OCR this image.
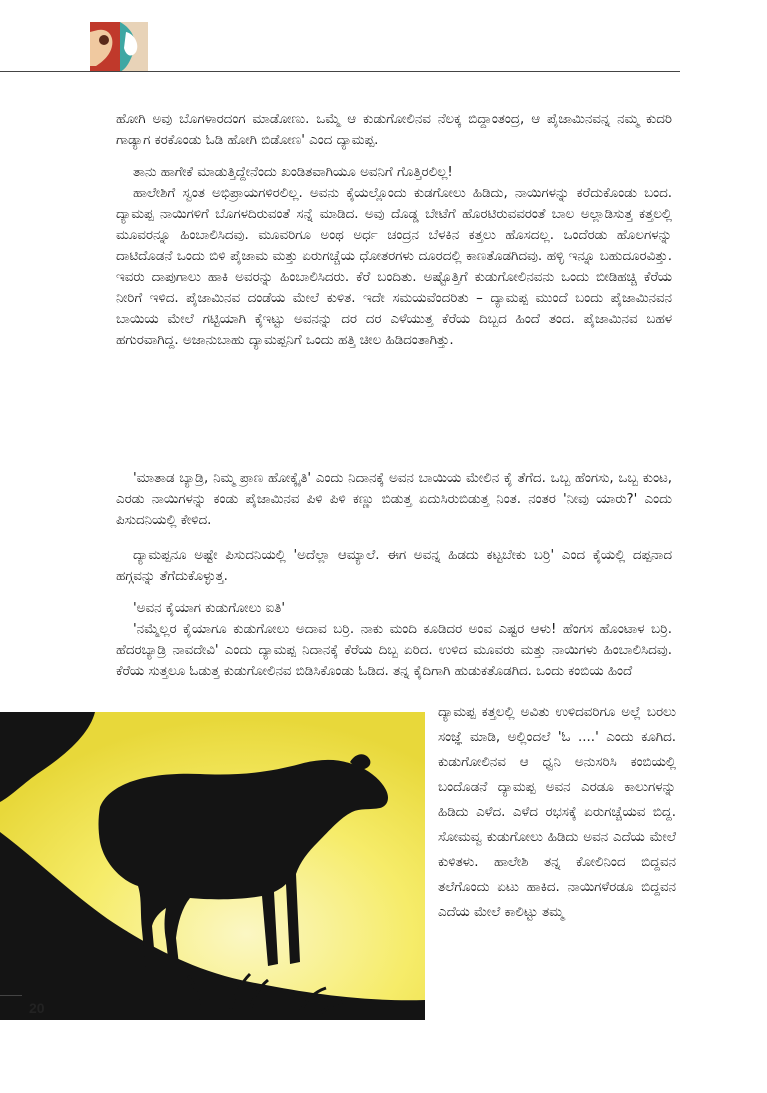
ಹೋಗಿ ಅವು ಬೊಗಳಾರದಂಗ ಮಾಡೋಣು. ಒಮ್ಮೆ ಆ ಕುಡುಗೋಲಿನವ ನೆಲಕ್ಕ ಬಿದ್ದಾಂತಂದ್ರ, ಆ ಪೈಜಾಮಿನವನ್ನ ನಮ್ಮ ಕುದರಿ ಗಾಡ್ಯಾಗ ಕರಕೊಂಡು ಓಡಿ ಹೋಗಿ ಬಿಡೋಣ' ಎಂದ ದ್ಯಾಮಪ್ಪ.

ತಾನು ಹಾಗೇಕೆ ಮಾಡುತ್ತಿದ್ದೇನೆಂದು ಖಂಡಿತವಾಗಿಯೂ ಅವನಿಗೆ ಗೊತ್ತಿರಲಿಲ್ಲ!

ಹಾಲೇಶಿಗೆ ಸ್ವಂತ ಅಭಿಪ್ರಾಯಗಳಿರಲಿಲ್ಲ. ಅವನು ಕೈಯಲ್ಲೊಂದು ಕುಡಗೋಲು ಹಿಡಿದು, ನಾಯಿಗಳನ್ನು ಕರೆದುಕೊಂಡು ಬಂದ. ದ್ಯಾಮಪ್ಪ ನಾಯಿಗಳಿಗೆ ಬೊಗಳದಿರುವಂತೆ ಸನ್ನೆ ಮಾಡಿದ. ಅವು ದೊಡ್ಡ ಬೇಟೆಗೆ ಹೊರಟಿರುವವರಂತೆ ಬಾಲ ಅಲ್ಲಾಡಿಸುತ್ತ ಕತ್ತಲಲ್ಲಿ ಮೂವರನ್ನೂ ಹಿಂಬಾಲಿಸಿದವು. ಮೂವರಿಗೂ ಅಂಥ ಅರ್ಧ ಚಂದ್ರನ ಬೆಳಕಿನ ಕತ್ತಲು ಹೊಸದಲ್ಲ. ಒಂದೆರಡು ಹೊಲಗಳನ್ನು ದಾಟಿದೊಡನೆ ಒಂದು ಬಿಳಿ ಪೈಜಾಮ ಮತ್ತು ಏರುಗಚ್ಚೆಯ ಧೋತರಗಳು ದೂರದಲ್ಲಿ ಕಾಣತೊಡಗಿದವು. ಹಳ್ಳಿ ಇನ್ನೂ ಬಹುದೂರವಿತ್ತು. ಇವರು ದಾಪುಗಾಲು ಹಾಕಿ ಅವರನ್ನು ಹಿಂಬಾಲಿಸಿದರು. ಕೆರೆ ಬಂದಿತು. ಅಷ್ಟೊತ್ತಿಗೆ ಕುಡುಗೋಲಿನವನು ಒಂದು ಬೀಡಿಹಚ್ಚಿ ಕೆರೆಯ ನೀರಿಗೆ ಇಳಿದ. ಪೈಜಾಮಿನವ ದಂಡೆಯ ಮೇಲೆ ಕುಳಿತ. ಇದೇ ಸಮಯವೆಂದರಿತು – ದ್ಯಾಮಪ್ಪ ಮುಂದೆ ಬಂದು ಪೈಜಾಮಿನವನ ಬಾಯಿಯ ಮೇಲೆ ಗಟ್ಟಿಯಾಗಿ ಕೈಇಟ್ಟು ಅವನನ್ನು ದರ ದರ ಎಳೆಯುತ್ತ ಕೆರೆಯ ದಿಬ್ಬದ ಹಿಂದೆ ತಂದ. ಪೈಜಾಮಿನವ ಬಹಳ ಹಗುರವಾಗಿದ್ದ. ಅಜಾನುಬಾಹು ದ್ಯಾಮಪ್ಪನಿಗೆ ಒಂದು ಹತ್ತಿ ಚೀಲ ಹಿಡಿದಂತಾಗಿತ್ತು.

'ಮಾತಾಡ ಬ್ಯಾಡ್ರಿ, ನಿಮ್ಮ ಪ್ರಾಣ ಹೋಕ್ಕೈತಿ' ಎಂದು ನಿದಾನಕ್ಕೆ ಅವನ ಬಾಯಿಯ ಮೇಲಿನ ಕೈ ತೆಗೆದ. ಒಬ್ಬ ಹೆಂಗಸು, ಒಬ್ಬ ಕುಂಟ, ಎರಡು ನಾಯಿಗಳನ್ನು ಕಂಡು ಪೈಜಾಮಿನವ ಪಿಳಿ ಪಿಳಿ ಕಣ್ಣು ಬಿಡುತ್ತ ಏದುಸಿರುಬಿಡುತ್ತ ನಿಂತ. ನಂತರ 'ನೀವು ಯಾರು?' ಎಂದು ಪಿಸುದನಿಯಲ್ಲಿ ಕೇಳಿದ.

ದ್ಯಾಮಪ್ಪನೂ ಅಷ್ಟೇ ಪಿಸುದನಿಯಲ್ಲಿ 'ಅದೆಲ್ಲಾ ಆಮ್ಯಾಲೆ. ಈಗ ಅವನ್ನ ಹಿಡದು ಕಟ್ಟಬೇಕು ಬರ್ರಿ' ಎಂದ ಕೈಯಲ್ಲಿ ದಪ್ಪನಾದ ಹಗ್ಗವನ್ನು ತೆಗೆದುಕೊಳ್ಳುತ್ತ.

'ಅವನ ಕೈಯಾಗ ಕುಡುಗೋಲು ಐತಿ'

'ನಮ್ಮೆಲ್ಲರ ಕೈಯಾಗೂ ಕುಡುಗೋಲು ಅದಾವ ಬರ್ರಿ. ನಾಕು ಮಂದಿ ಕೂಡಿದರ ಅಂವ ಎಷ್ಟರ ಆಳು! ಹೆಂಗಸ ಹೊಂಟಾಳ ಬರ್ರಿ. ಹೆದರಬ್ಯಾಡ್ರಿ ನಾವದೇವಿ' ಎಂದು ದ್ಯಾಮಪ್ಪ ನಿದಾನಕ್ಕೆ ಕೆರೆಯ ದಿಬ್ಬ ಏರಿದ. ಉಳಿದ ಮೂವರು ಮತ್ತು ನಾಯಿಗಳು ಹಿಂಬಾಲಿಸಿದವು. ಕೆರೆಯ ಸುತ್ತಲೂ ಓಡುತ್ತ ಕುಡುಗೋಲಿನವ ಬಿಡಿಸಿಕೊಂಡು ಓಡಿದ. ತನ್ನ ಕೈದಿಗಾಗಿ ಹುಡುಕತೊಡಗಿದ. ಒಂದು ಕಂಬಿಯ ಹಿಂದೆ

ದ್ಯಾಮಪ್ಪ ಕತ್ತಲಲ್ಲಿ ಅವಿತು ಉಳಿದವರಿಗೂ ಅಲ್ಲೆ ಬರಲು ಸಂಜ್ಞೆ ಮಾಡಿ, ಅಲ್ಲಿಂದಲೆ 'ಓ ....' ಎಂದು ಕೂಗಿದ. ಕುಡುಗೋಲಿನವ ಆ ಧ್ವನಿ ಅನುಸರಿಸಿ ಕಂಬಿಯಲ್ಲಿ ಬಂದೊಡನೆ ದ್ಯಾಮಪ್ಪ ಅವನ ಎರಡೂ ಕಾಲುಗಳನ್ನು ಹಿಡಿದು ಎಳೆದ. ಎಳೆದ ರಭಸಕ್ಕೆ ಏರುಗಚ್ಚೆಯವ ಬಿದ್ದ. ಸೋಮವ್ವ ಕುಡುಗೋಲು ಹಿಡಿದು ಅವನ ಎದೆಯ ಮೇಲೆ ಕುಳಿತಳು. ಹಾಲೇಶಿ ತನ್ನ ಕೋಲಿನಿಂದ ಬಿದ್ದವನ ತಲೆಗೊಂದು ಏಟು ಹಾಕಿದ. ನಾಯಿಗಳೆರಡೂ ಬಿದ್ದವನ ಎದೆಯ ಮೇಲೆ ಕಾಲಿಟ್ಟು ತಮ್ಮ
20
